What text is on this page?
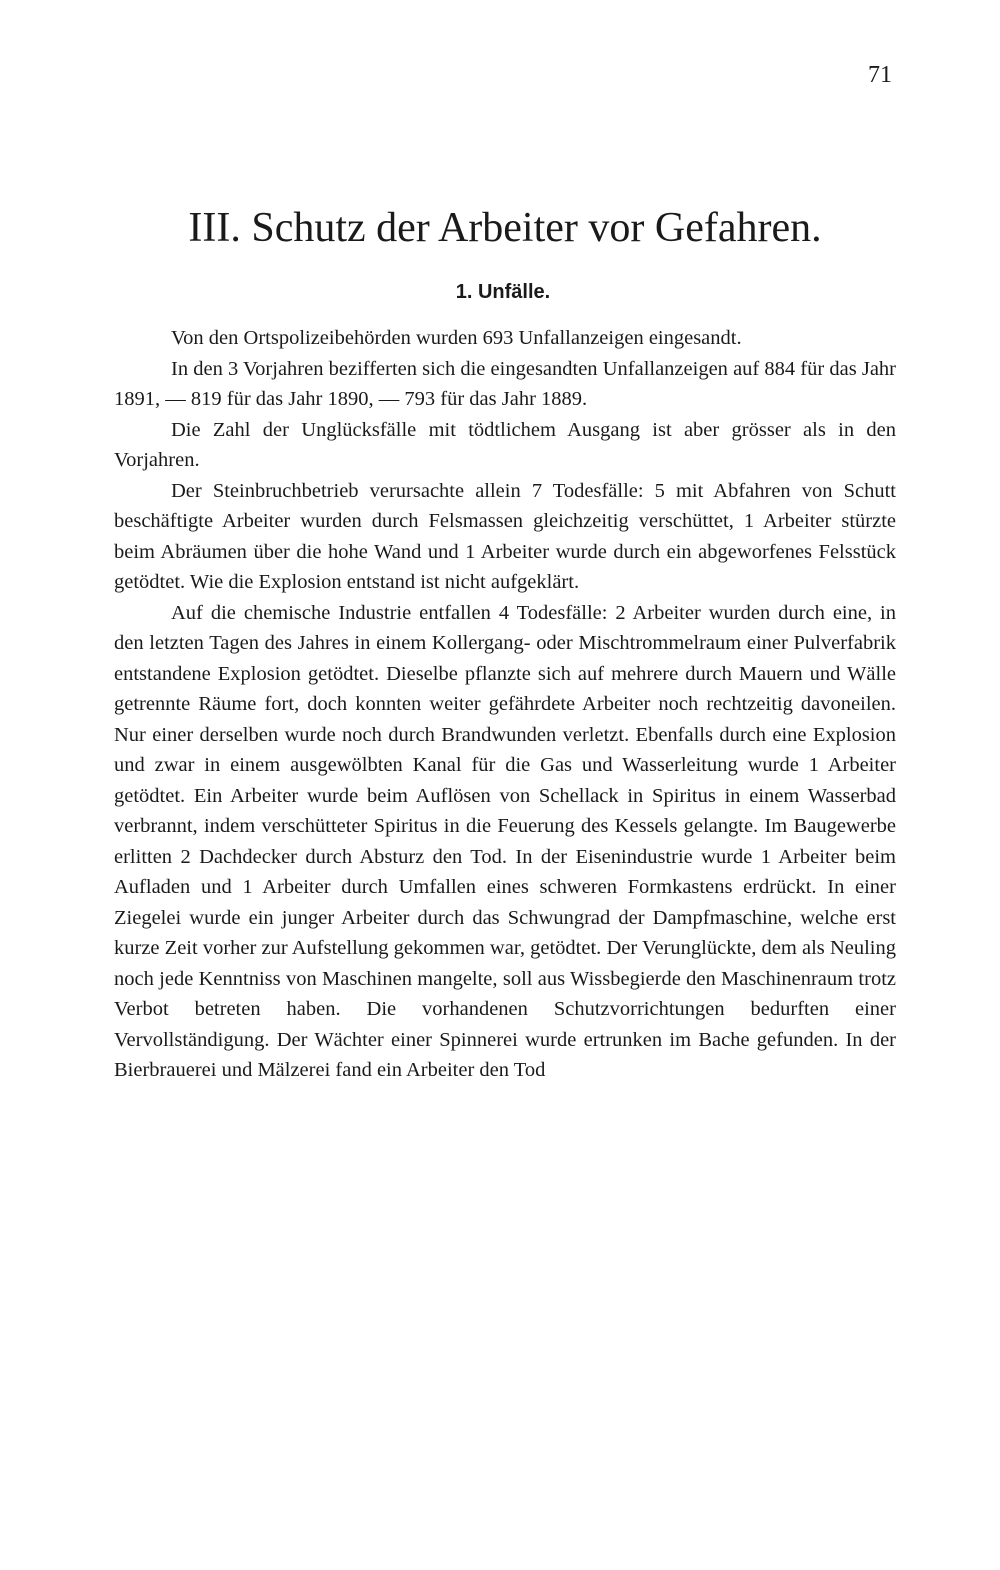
71
III. Schutz der Arbeiter vor Gefahren.
1. Unfälle.

Von den Ortspolizeibehörden wurden 693 Unfallanzeigen eingesandt.

In den 3 Vorjahren bezifferten sich die eingesandten Unfallanzeigen auf 884 für das Jahr 1891, — 819 für das Jahr 1890, — 793 für das Jahr 1889.

Die Zahl der Unglücksfälle mit tödtlichem Ausgang ist aber grösser als in den Vorjahren.

Der Steinbruchbetrieb verursachte allein 7 Todesfälle: 5 mit Abfahren von Schutt beschäftigte Arbeiter wurden durch Felsmassen gleichzeitig verschüttet, 1 Arbeiter stürzte beim Abräumen über die hohe Wand und 1 Arbeiter wurde durch ein abgeworfenes Felsstück getödtet. Wie die Explosion entstand ist nicht aufgeklärt.

Auf die chemische Industrie entfallen 4 Todesfälle: 2 Arbeiter wurden durch eine, in den letzten Tagen des Jahres in einem Kollergang- oder Mischtrommelraum einer Pulverfabrik entstandene Explosion getödtet. Dieselbe pflanzte sich auf mehrere durch Mauern und Wälle getrennte Räume fort, doch konnten weiter gefährdete Arbeiter noch rechtzeitig davoneilen. Nur einer derselben wurde noch durch Brandwunden verletzt. Ebenfalls durch eine Explosion und zwar in einem ausgewölbten Kanal für die Gas und Wasserleitung wurde 1 Arbeiter getödtet. Ein Arbeiter wurde beim Auflösen von Schellack in Spiritus in einem Wasserbad verbrannt, indem verschütteter Spiritus in die Feuerung des Kessels gelangte. Im Baugewerbe erlitten 2 Dachdecker durch Absturz den Tod. In der Eisenindustrie wurde 1 Arbeiter beim Aufladen und 1 Arbeiter durch Umfallen eines schweren Formkastens erdrückt. In einer Ziegelei wurde ein junger Arbeiter durch das Schwungrad der Dampfmaschine, welche erst kurze Zeit vorher zur Aufstellung gekommen war, getödtet. Der Verunglückte, dem als Neuling noch jede Kenntniss von Maschinen mangelte, soll aus Wissbegierde den Maschinenraum trotz Verbot betreten haben. Die vorhandenen Schutzvorrichtungen bedurften einer Vervollständigung. Der Wächter einer Spinnerei wurde ertrunken im Bache gefunden. In der Bierbrauerei und Mälzerei fand ein Arbeiter den Tod
